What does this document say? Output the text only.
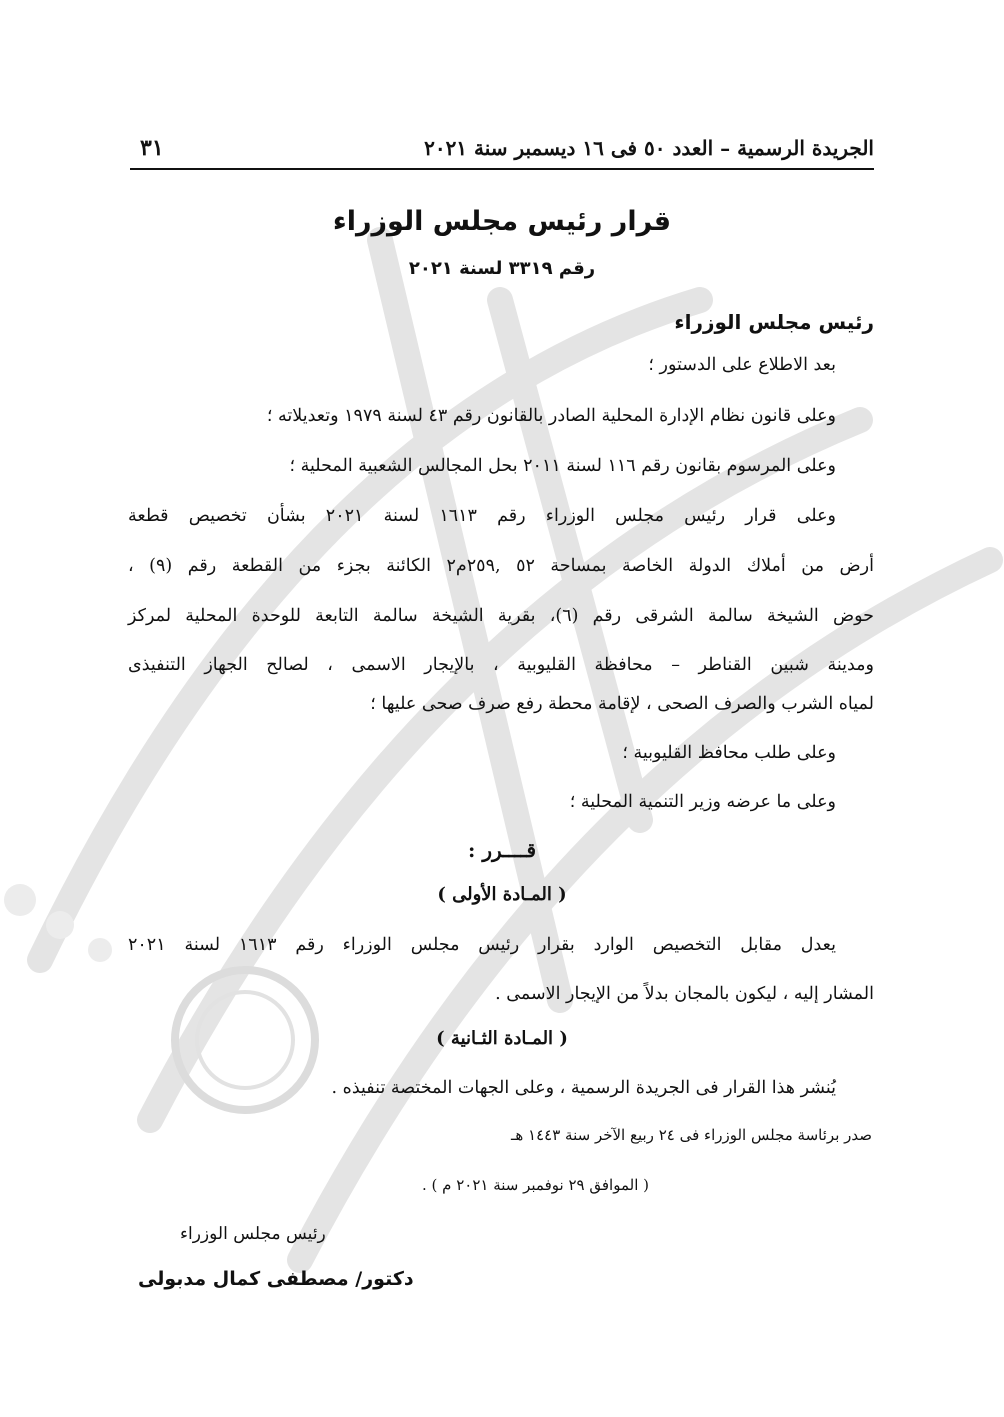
الجريدة الرسمية – العدد ٥٠ فى ١٦ ديسمبر سنة ٢٠٢١
٣١
قرار رئيس مجلس الوزراء
رقم ٣٣١٩ لسنة ٢٠٢١
رئيس مجلس الوزراء
بعد الاطلاع على الدستور ؛
وعلى قانون نظام الإدارة المحلية الصادر بالقانون رقم ٤٣ لسنة ١٩٧٩ وتعديلاته ؛
وعلى المرسوم بقانون رقم ١١٦ لسنة ٢٠١١ بحل المجالس الشعبية المحلية ؛
وعلى قرار رئيس مجلس الوزراء رقم ١٦١٣ لسنة ٢٠٢١ بشأن تخصيص قطعة
أرض من أملاك الدولة الخاصة بمساحة ٥٢ ,٢٥٩م٢ الكائنة بجزء من القطعة رقم (٩) ،
حوض الشيخة سالمة الشرقى رقم (٦)، بقرية الشيخة سالمة التابعة للوحدة المحلية لمركز
ومدينة شبين القناطر – محافظة القليوبية ، بالإيجار الاسمى ، لصالح الجهاز التنفيذى
لمياه الشرب والصرف الصحى ، لإقامة محطة رفع صرف صحى عليها ؛
وعلى طلب محافظ القليوبية ؛
وعلى ما عرضه وزير التنمية المحلية ؛
قــــرر :
( المـادة الأولى )
يعدل مقابل التخصيص الوارد بقرار رئيس مجلس الوزراء رقم ١٦١٣ لسنة ٢٠٢١
المشار إليه ، ليكون بالمجان بدلاً من الإيجار الاسمى .
( المـادة الثـانية )
يُنشر هذا القرار فى الجريدة الرسمية ، وعلى الجهات المختصة تنفيذه .
صدر برئاسة مجلس الوزراء فى ٢٤ ربيع الآخر سنة ١٤٤٣ هـ
( الموافق ٢٩ نوفمبر سنة ٢٠٢١ م ) .
رئيس مجلس الوزراء
دكتور/ مصطفى كمال مدبولى
